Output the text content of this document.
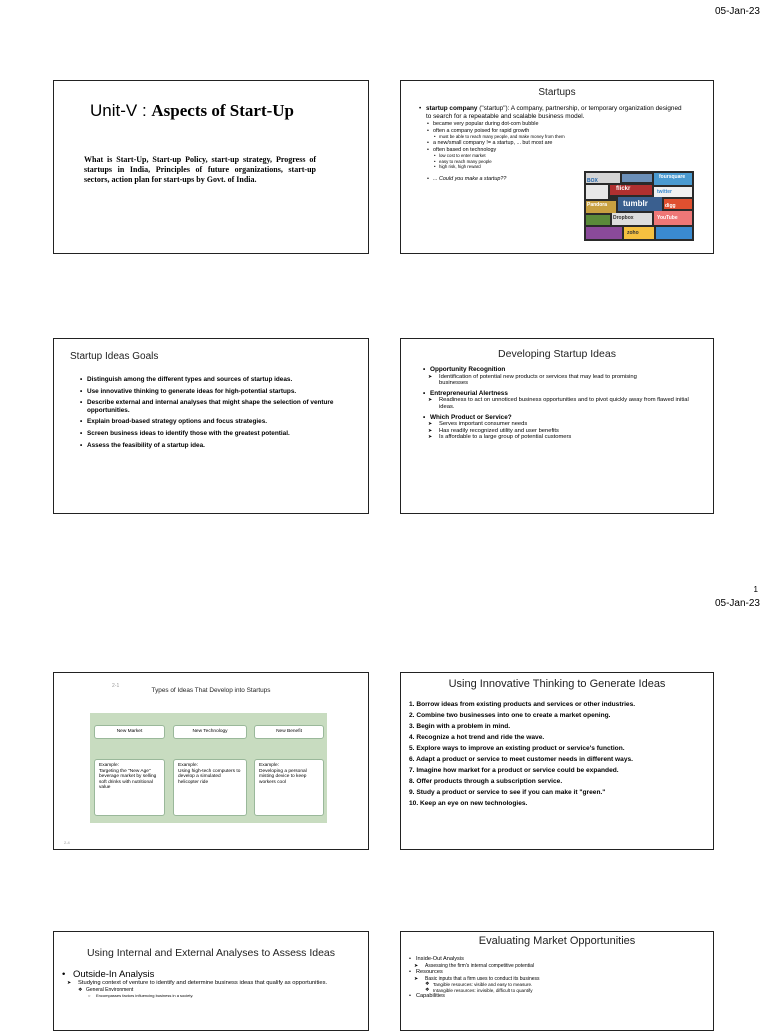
05-Jan-23
Unit-V : Aspects of Start-Up
What is Start-Up, Start-up Policy, start-up strategy, Progress of startups in India, Principles of future organizations, start-up sectors, action plan for start-ups by Govt. of India.
Startups
• startup company ("startup"): A company, partnership, or temporary organization designed to search for a repeatable and scalable business model.
• became very popular during dot-com bubble
• often a company poised for rapid growth
• must be able to reach many people, and make money from them
• a new/small company != a startup, ... but most are
• often based on technology
• low cost to enter market
• easy to reach many people
• high risk, high reward
• ... Could you make a startup??	foursquare
flickr
tumblr
twitter
Pandora
Dropbox
BOX
digg
YouTube
zoho
Startup Ideas Goals
• Distinguish among the different types and sources of startup ideas.
• Use innovative thinking to generate ideas for high-potential startups.
• Describe external and internal analyses that might shape the selection of venture opportunities.
• Explain broad-based strategy options and focus strategies.
• Screen business ideas to identify those with the greatest potential.
• Assess the feasibility of a startup idea.
Developing Startup Ideas
• Opportunity Recognition
➤ Identification of potential new products or services that may lead to promising businesses
• Entrepreneurial Alertness
➤ Readiness to act on unnoticed business opportunities and to pivot quickly away from flawed initial ideas.
• Which Product or Service?
➤ Serves important consumer needs
➤ Has readily recognized utility and user benefits
➤ Is affordable to a large group of potential customers
1
05-Jan-23
2-1
Types of Ideas That Develop into Startups
New Market	New Technology	New Benefit
Example:
Targeting the "New Age" beverage market by selling soft drinks with nutritional value
Example:
Using high-tech computers to develop a simulated helicopter ride
Example:
Developing a personal misting device to keep workers cool
2-4
Using Innovative Thinking to Generate Ideas
1. Borrow ideas from existing products and services or other industries.
2. Combine two businesses into one to create a market opening.
3. Begin with a problem in mind.
4. Recognize a hot trend and ride the wave.
5. Explore ways to improve an existing product or service's function.
6. Adapt a product or service to meet customer needs in different ways.
7. Imagine how market for a product or service could be expanded.
8. Offer products through a subscription service.
9. Study a product or service to see if you can make it "green."
10. Keep an eye on new technologies.
Using Internal and External Analyses to Assess Ideas
• Outside-In Analysis
➤ Studying context of venture to identify and determine business ideas that qualify as opportunities.
❖ General Environment
○ Encompasses factors influencing business in a society.
Evaluating Market Opportunities
• Inside-Out Analysis
➤ Assessing the firm's internal competitive potential
• Resources
➤ Basic inputs that a firm uses to conduct its business
❖ Tangible resources: visible and easy to measure.
❖ Intangible resources: invisible, difficult to quantify
• Capabilities
